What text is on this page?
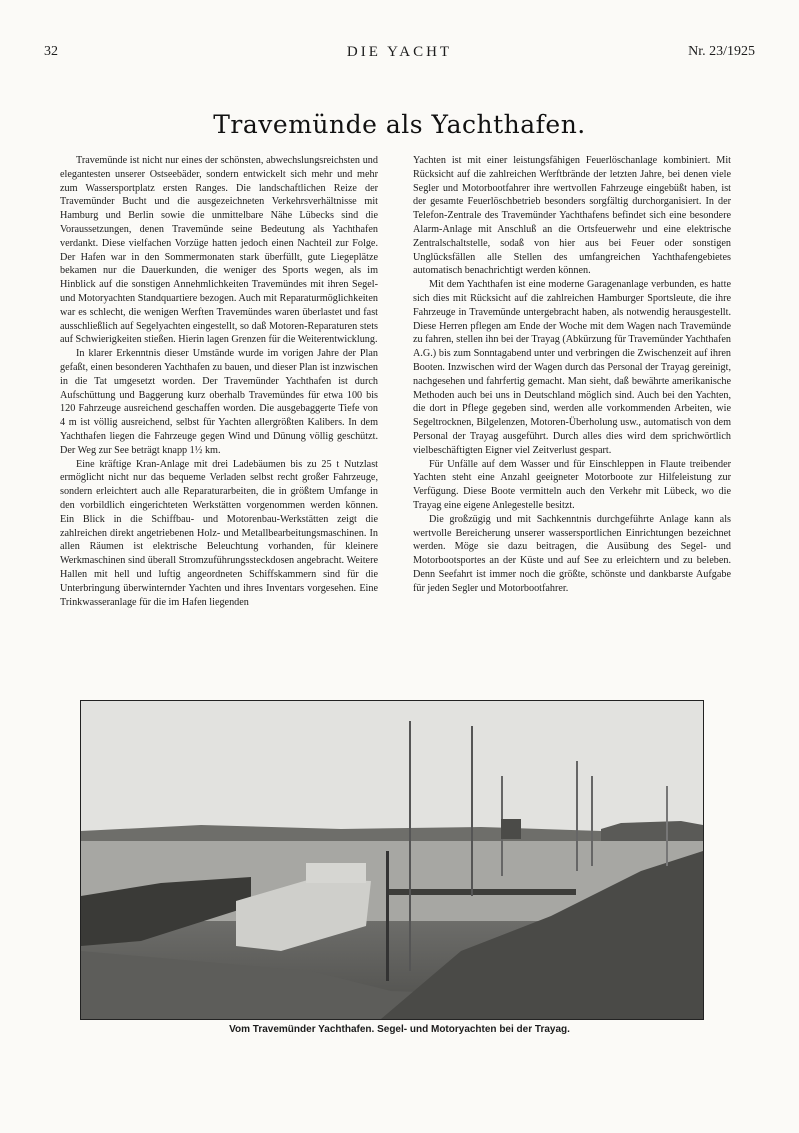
32	DIE YACHT	Nr. 23/1925
Travemünde als Yachthafen.

Travemünde ist nicht nur eines der schönsten, abwechslungsreichsten und elegantesten unserer Ostseebäder, sondern entwickelt sich mehr und mehr zum Wassersportplatz ersten Ranges. Die landschaftlichen Reize der Travemünder Bucht und die ausgezeichneten Verkehrsverhältnisse mit Hamburg und Berlin sowie die unmittelbare Nähe Lübecks sind die Voraussetzungen, denen Travemünde seine Bedeutung als Yachthafen verdankt. Diese vielfachen Vorzüge hatten jedoch einen Nachteil zur Folge. Der Hafen war in den Sommermonaten stark überfüllt, gute Liegeplätze bekamen nur die Dauerkunden, die weniger des Sports wegen, als im Hinblick auf die sonstigen Annehmlichkeiten Travemündes mit ihren Segel- und Motoryachten Standquartiere bezogen. Auch mit Reparaturmöglichkeiten war es schlecht, die wenigen Werften Travemündes waren überlastet und fast ausschließlich auf Segelyachten eingestellt, so daß Motoren-Reparaturen stets auf Schwierigkeiten stießen. Hierin lagen Grenzen für die Weiterentwicklung.

In klarer Erkenntnis dieser Umstände wurde im vorigen Jahre der Plan gefaßt, einen besonderen Yachthafen zu bauen, und dieser Plan ist inzwischen in die Tat umgesetzt worden. Der Travemünder Yachthafen ist durch Aufschüttung und Baggerung kurz oberhalb Travemündes für etwa 100 bis 120 Fahrzeuge ausreichend geschaffen worden. Die ausgebaggerte Tiefe von 4 m ist völlig ausreichend, selbst für Yachten allergrößten Kalibers. In dem Yachthafen liegen die Fahrzeuge gegen Wind und Dünung völlig geschützt. Der Weg zur See beträgt knapp 1½ km.

Eine kräftige Kran-Anlage mit drei Ladebäumen bis zu 25 t Nutzlast ermöglicht nicht nur das bequeme Verladen selbst recht großer Fahrzeuge, sondern erleichtert auch alle Reparaturarbeiten, die in größtem Umfange in den vorbildlich eingerichteten Werkstätten vorgenommen werden können. Ein Blick in die Schiffbau- und Motorenbau-Werkstätten zeigt die zahlreichen direkt angetriebenen Holz- und Metallbearbeitungsmaschinen. In allen Räumen ist elektrische Beleuchtung vorhanden, für kleinere Werkmaschinen sind überall Stromzuführungssteckdosen angebracht. Weitere Hallen mit hell und luftig angeordneten Schiffskammern sind für die Unterbringung überwinternder Yachten und ihres Inventars vorgesehen. Eine Trinkwasseranlage für die im Hafen liegenden

Yachten ist mit einer leistungsfähigen Feuerlöschanlage kombiniert. Mit Rücksicht auf die zahlreichen Werftbrände der letzten Jahre, bei denen viele Segler und Motorbootfahrer ihre wertvollen Fahrzeuge eingebüßt haben, ist der gesamte Feuerlöschbetrieb besonders sorgfältig durchorganisiert. In der Telefon-Zentrale des Travemünder Yachthafens befindet sich eine besondere Alarm-Anlage mit Anschluß an die Ortsfeuerwehr und eine elektrische Zentralschaltstelle, sodaß von hier aus bei Feuer oder sonstigen Unglücksfällen alle Stellen des umfangreichen Yachthafengebietes automatisch benachrichtigt werden können.

Mit dem Yachthafen ist eine moderne Garagenanlage verbunden, es hatte sich dies mit Rücksicht auf die zahlreichen Hamburger Sportsleute, die ihre Fahrzeuge in Travemünde untergebracht haben, als notwendig herausgestellt. Diese Herren pflegen am Ende der Woche mit dem Wagen nach Travemünde zu fahren, stellen ihn bei der Trayag (Abkürzung für Travemünder Yachthafen A.G.) bis zum Sonntagabend unter und verbringen die Zwischenzeit auf ihren Booten. Inzwischen wird der Wagen durch das Personal der Trayag gereinigt, nachgesehen und fahrfertig gemacht. Man sieht, daß bewährte amerikanische Methoden auch bei uns in Deutschland möglich sind. Auch bei den Yachten, die dort in Pflege gegeben sind, werden alle vorkommenden Arbeiten, wie Segeltrocknen, Bilgelenzen, Motoren-Überholung usw., automatisch von dem Personal der Trayag ausgeführt. Durch alles dies wird dem sprichwörtlich vielbeschäftigten Eigner viel Zeitverlust gespart.

Für Unfälle auf dem Wasser und für Einschleppen in Flaute treibender Yachten steht eine Anzahl geeigneter Motorboote zur Hilfeleistung zur Verfügung. Diese Boote vermitteln auch den Verkehr mit Lübeck, wo die Trayag eine eigene Anlegestelle besitzt.

Die großzügig und mit Sachkenntnis durchgeführte Anlage kann als wertvolle Bereicherung unserer wassersportlichen Einrichtungen bezeichnet werden. Möge sie dazu beitragen, die Ausübung des Segel- und Motorbootsportes an der Küste und auf See zu erleichtern und zu beleben. Denn Seefahrt ist immer noch die größte, schönste und dankbarste Aufgabe für jeden Segler und Motorbootfahrer.

Vom Travemünder Yachthafen. Segel- und Motoryachten bei der Trayag.
